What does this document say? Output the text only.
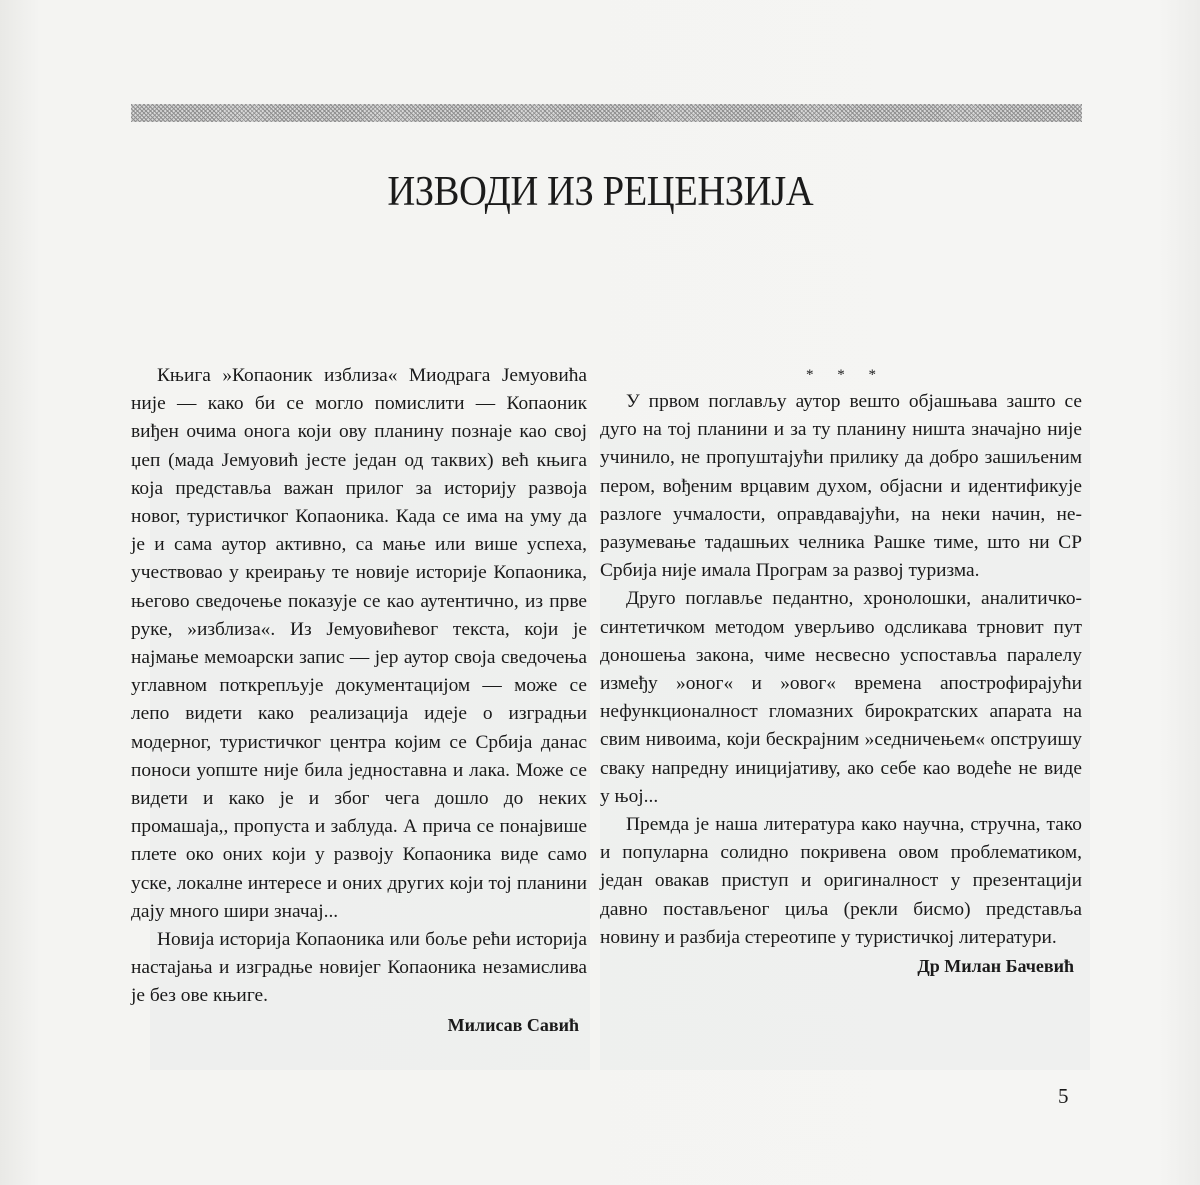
ИЗВОДИ ИЗ РЕЦЕНЗИЈА

Књига »Копаоник изблиза« Миодрага Јемуовића није — како би се могло помислити — Копаоник виђен очима онога који ову планину познаје као свој џеп (мада Јемуовић јесте један од таквих) већ књига која представља важан прилог за историју развоја новог, туристичког Копаоника. Када се има на уму да је и сама аутор активно, са мање или више успеха, учествовао у креирању те новије историје Копаоника, његово сведочење показује се као аутентично, из прве руке, »изблиза«. Из Јемуовићевог текста, који је најмање мемоарски запис — јер аутор своја сведочења углавном поткрепљује документацијом — може се лепо видети како реализација идеје о изградњи модерног, туристичког центра којим се Србија данас поноси уопште није била једноставна и лака. Може се видети и како је и због чега дошло до неких промашаја,, пропуста и заблуда. А прича се понајвише плете око оних који у развоју Копаоника виде само уске, локалне интересе и оних других који тој планини дају много шири значај...

Новија историја Копаоника или боље рећи историја настајања и изградње новијег Копаоника незамислива је без ове књиге.

Милисав Савић

* * *

У првом поглављу аутор вешто објашњава зашто се дуго на тој планини и за ту планину ништа значајно није учинило, не пропуштајући прилику да добро зашиљеним пером, вођеним врцавим духом, објасни и идентификује разлоге учмалости, оправдавајући, на неки начин, неразумевање тадашњих челника Рашке тиме, што ни СР Србија није имала Програм за развој туризма.

Друго поглавље педантно, хронолошки, аналитичко-синтетичком методом уверљиво одсликава трновит пут доношења закона, чиме несвесно успоставља паралелу између »оног« и »овог« времена апострофирајући нефункционалност гломазних бирократских апарата на свим нивоима, који бескрајним »седничењем« опструишу сваку напредну иницијативу, ако себе као водеће не виде у њој...

Премда је наша литература како научна, стручна, тако и популарна солидно покривена овом проблематиком, један овакав приступ и оригиналност у презентацији давно постављеног циља (рекли бисмо) представља новину и разбија стереотипе у туристичкој литератури.

Др Милан Бачевић

5
